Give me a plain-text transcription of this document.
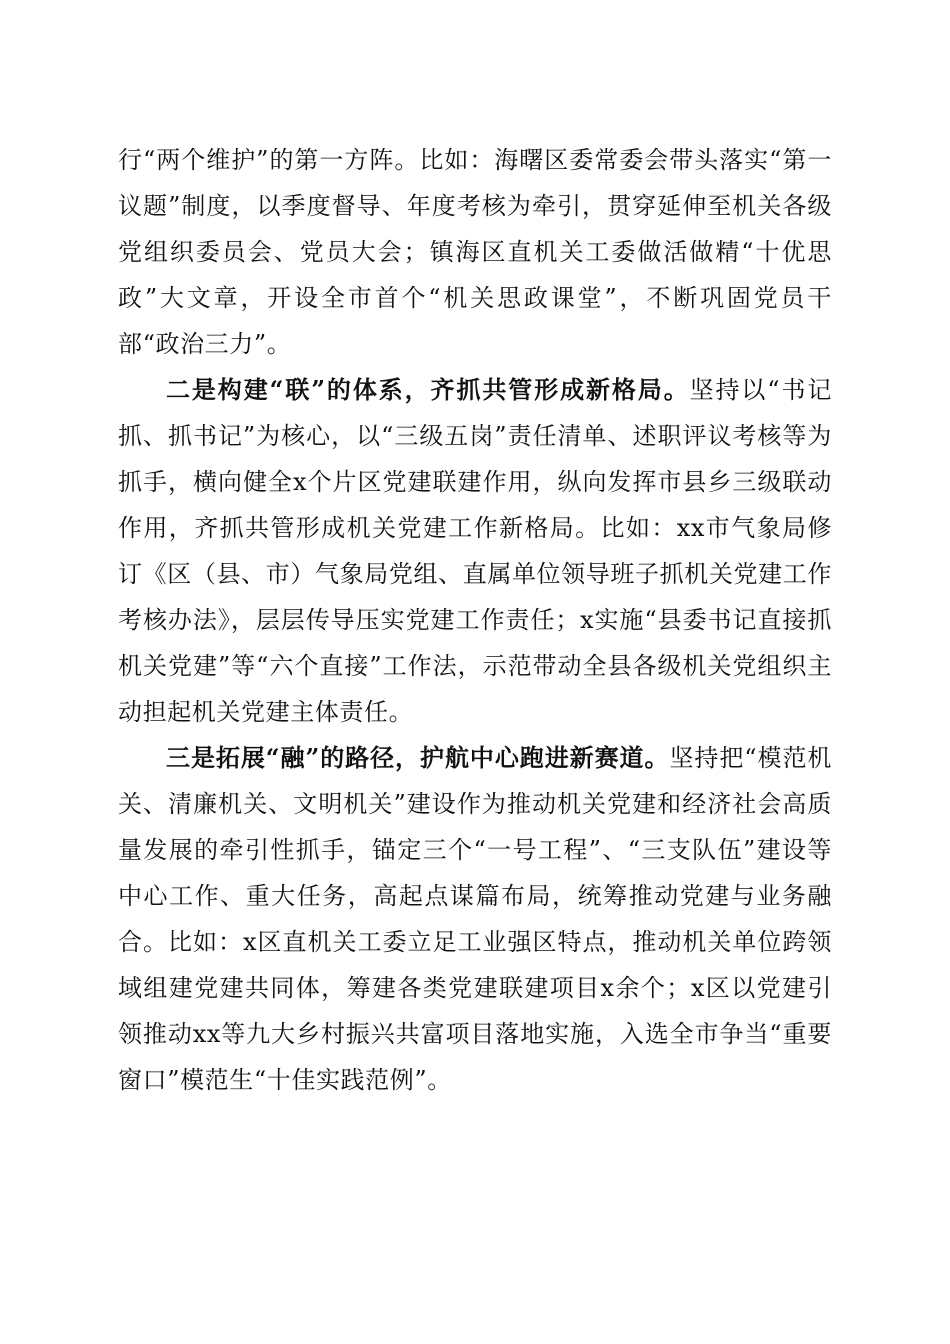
行“两个维护”的第一方阵。比如：海曙区委常委会带头落实“第一议题”制度，以季度督导、年度考核为牵引，贯穿延伸至机关各级党组织委员会、党员大会；镇海区直机关工委做活做精“十优思政”大文章，开设全市首个“机关思政课堂”，不断巩固党员干部“政治三力”。

二是构建“联”的体系，齐抓共管形成新格局。坚持以“书记抓、抓书记”为核心，以“三级五岗”责任清单、述职评议考核等为抓手，横向健全x个片区党建联建作用，纵向发挥市县乡三级联动作用，齐抓共管形成机关党建工作新格局。比如：xx市气象局修订《区（县、市）气象局党组、直属单位领导班子抓机关党建工作考核办法》，层层传导压实党建工作责任；x实施“县委书记直接抓机关党建”等“六个直接”工作法，示范带动全县各级机关党组织主动担起机关党建主体责任。

三是拓展“融”的路径，护航中心跑进新赛道。坚持把“模范机关、清廉机关、文明机关”建设作为推动机关党建和经济社会高质量发展的牵引性抓手，锚定三个“一号工程”、“三支队伍”建设等中心工作、重大任务，高起点谋篇布局，统筹推动党建与业务融合。比如：x区直机关工委立足工业强区特点，推动机关单位跨领域组建党建共同体，筹建各类党建联建项目x余个；x区以党建引领推动xx等九大乡村振兴共富项目落地实施，入选全市争当“重要窗口”模范生“十佳实践范例”。
